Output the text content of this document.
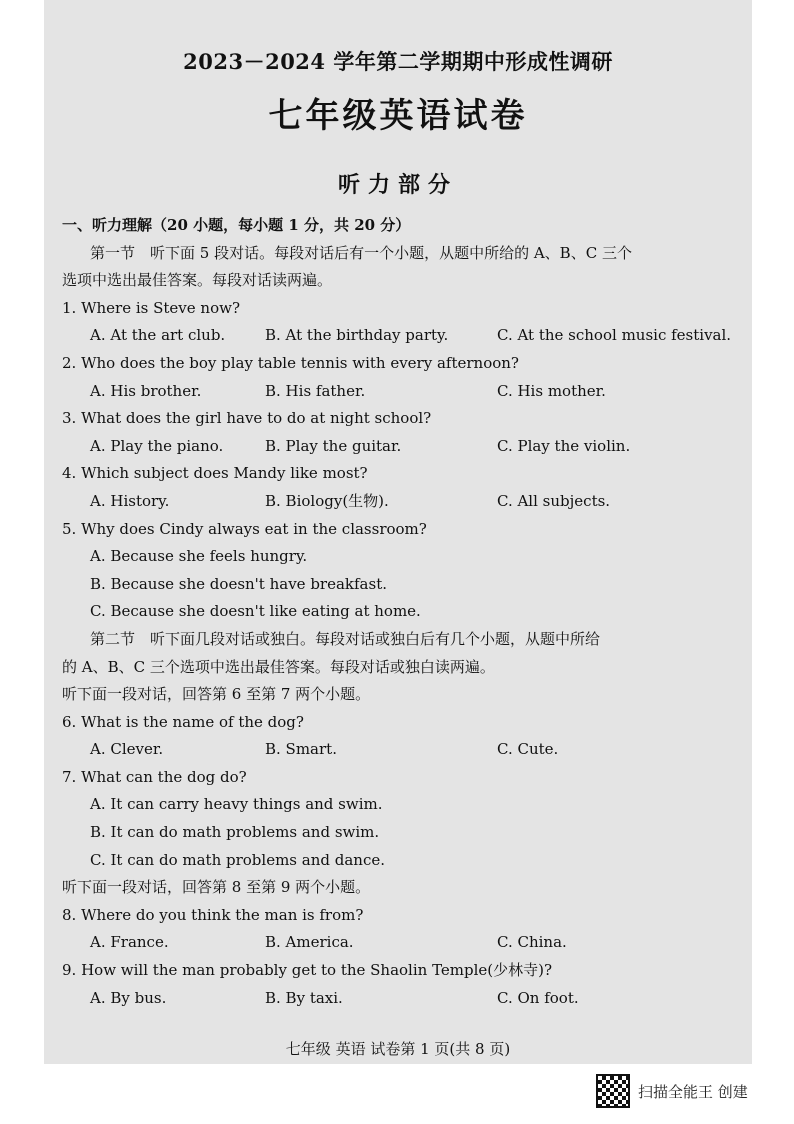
2023－2024 学年第二学期期中形成性调研
七年级英语试卷
听力部分
一、听力理解（20 小题，每小题 1 分，共 20 分）
第一节　听下面 5 段对话。每段对话后有一个小题，从题中所给的 A、B、C 三个
选项中选出最佳答案。每段对话读两遍。
1. Where is Steve now?
A. At the art club.	B. At the birthday party.	C. At the school music festival.
2. Who does the boy play table tennis with every afternoon?
A. His brother.	B. His father.	C. His mother.
3. What does the girl have to do at night school?
A. Play the piano.	B. Play the guitar.	C. Play the violin.
4. Which subject does Mandy like most?
A. History.	B. Biology(生物).	C. All subjects.
5. Why does Cindy always eat in the classroom?
A. Because she feels hungry.
B. Because she doesn't have breakfast.
C. Because she doesn't like eating at home.
第二节　听下面几段对话或独白。每段对话或独白后有几个小题，从题中所给
的 A、B、C 三个选项中选出最佳答案。每段对话或独白读两遍。
听下面一段对话，回答第 6 至第 7 两个小题。
6. What is the name of the dog?
A. Clever.	B. Smart.	C. Cute.
7. What can the dog do?
A. It can carry heavy things and swim.
B. It can do math problems and swim.
C. It can do math problems and dance.
听下面一段对话，回答第 8 至第 9 两个小题。
8. Where do you think the man is from?
A. France.	B. America.	C. China.
9. How will the man probably get to the Shaolin Temple(少林寺)?
A. By bus.	B. By taxi.	C. On foot.
七年级 英语 试卷第 1 页(共 8 页)
扫描全能王 创建
